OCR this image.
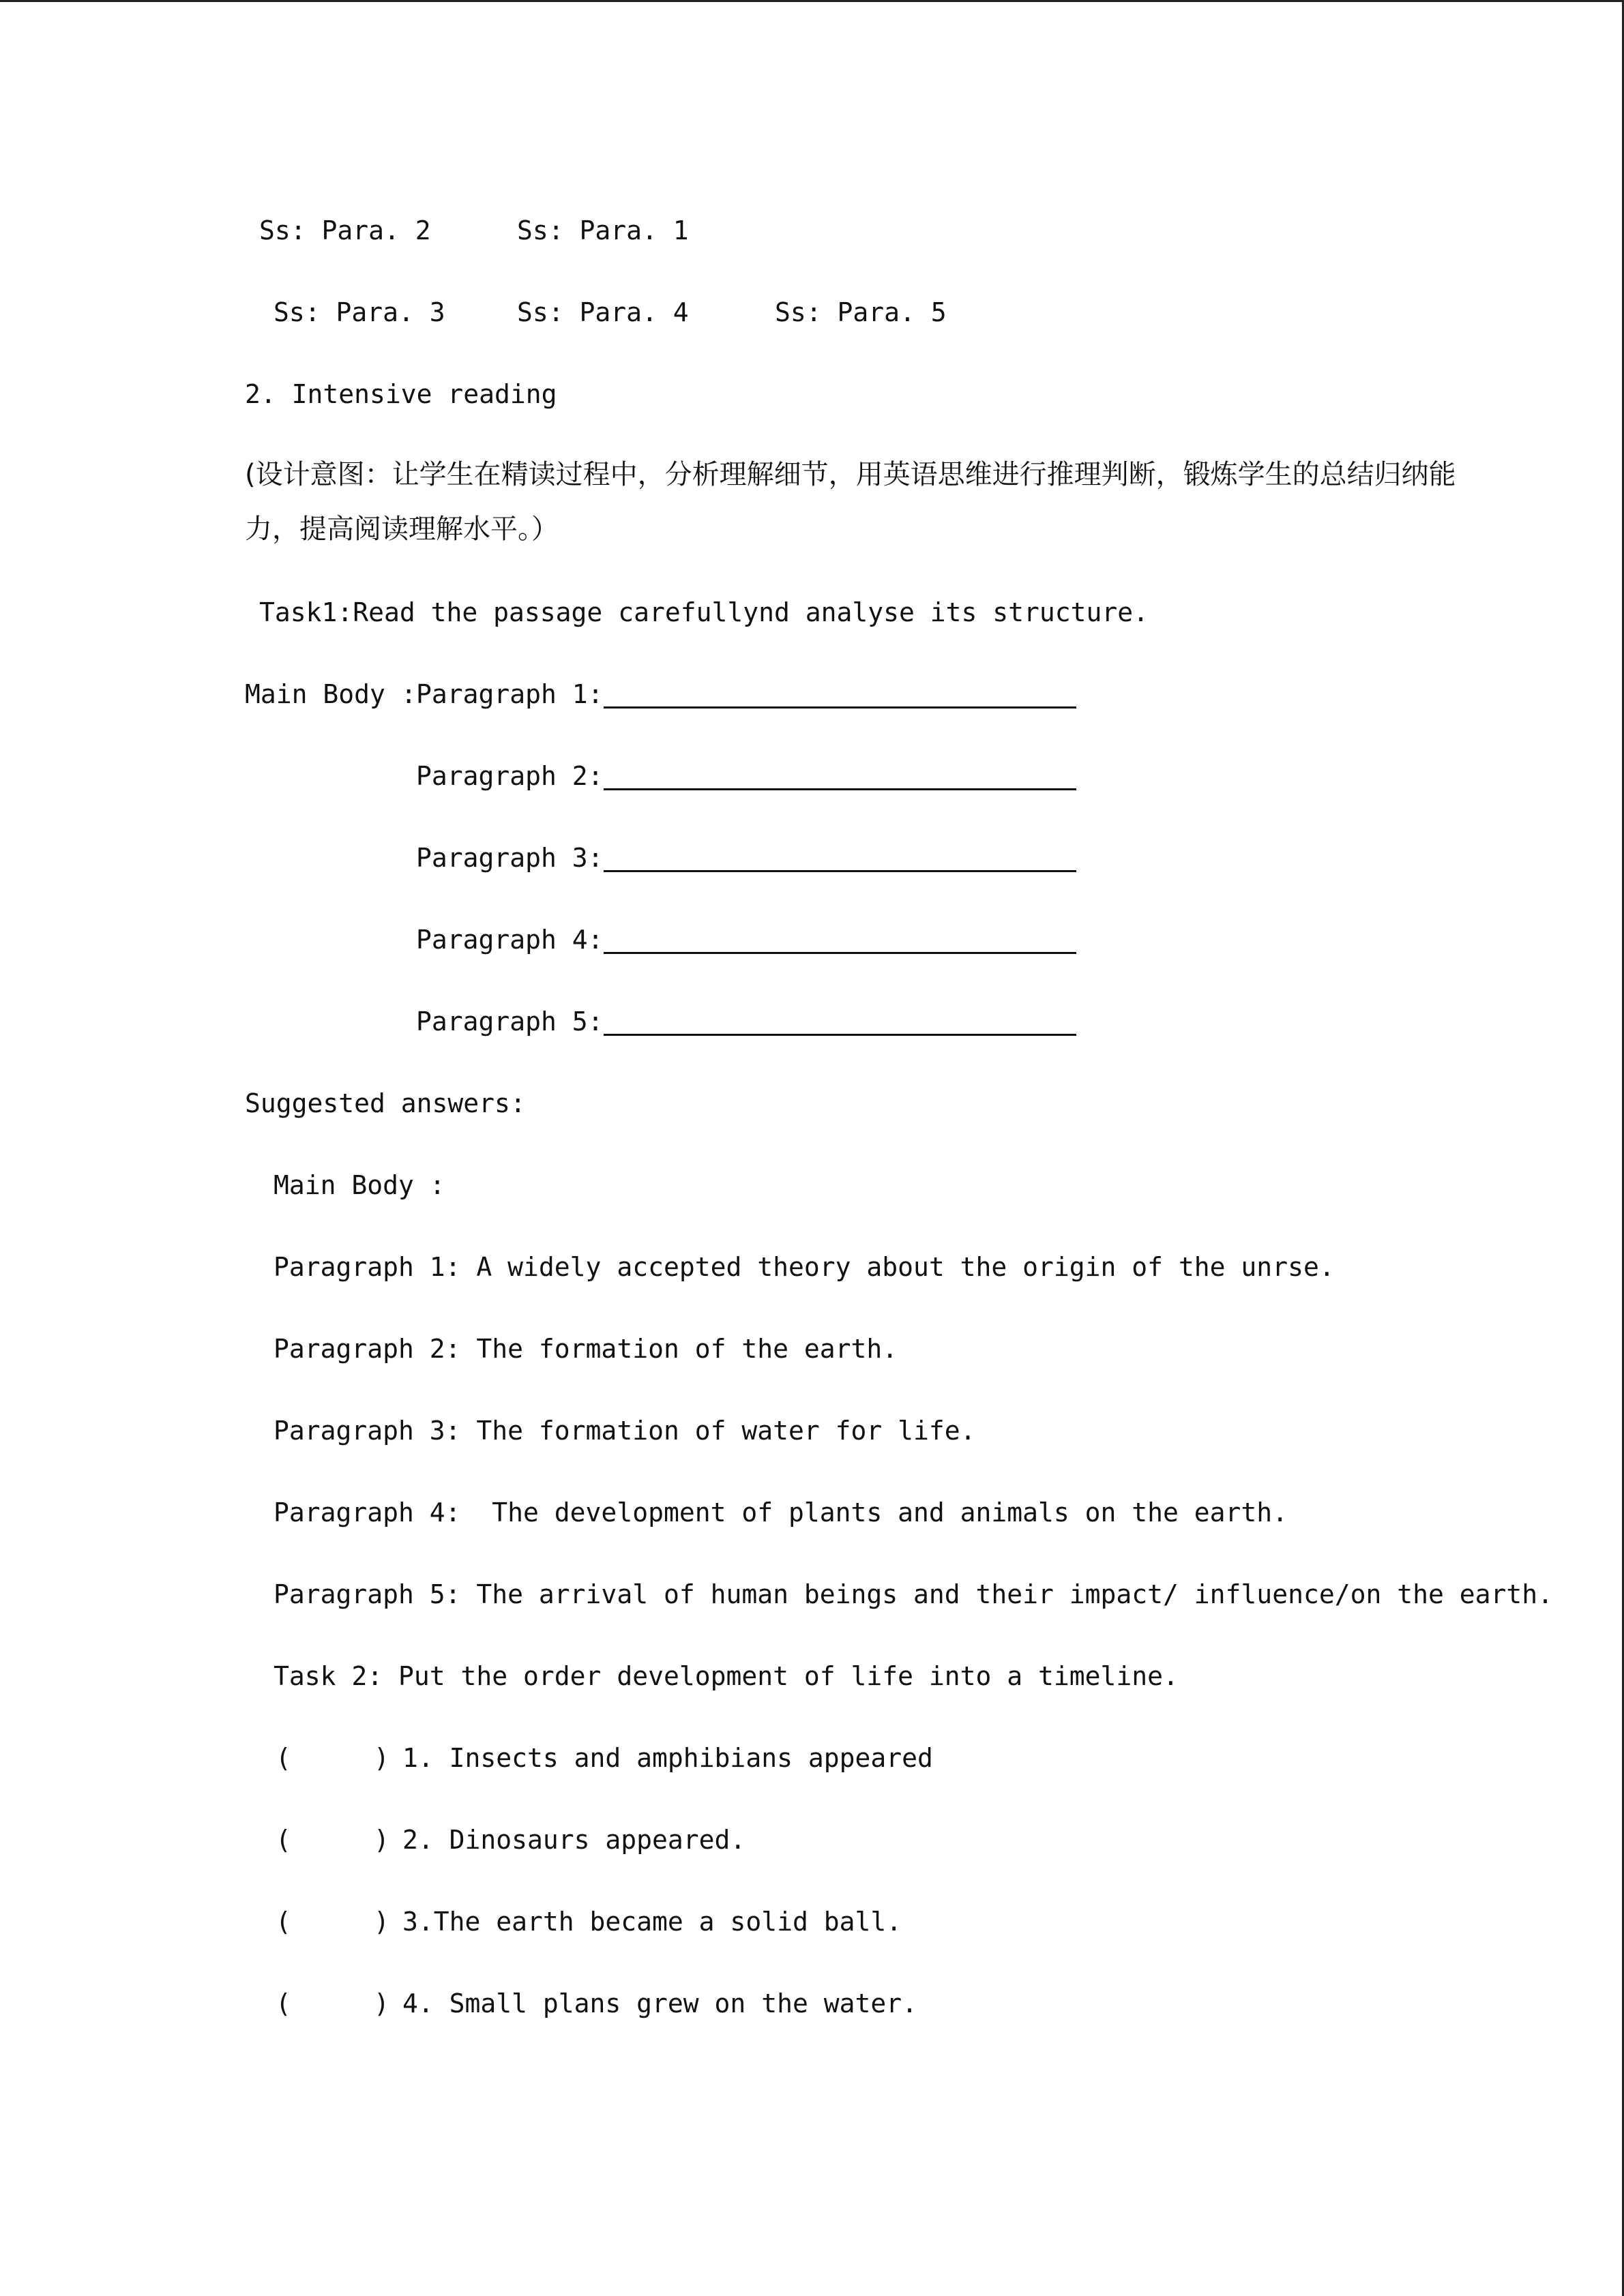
Ss: Para. 2	Ss: Para. 1
Ss: Para. 3	Ss: Para. 4	Ss: Para. 5
2. Intensive reading
(设计意图：让学生在精读过程中，分析理解细节，用英语思维进行推理判断，锻炼学生的总结归纳能
力，提高阅读理解水平。）
Task1:Read the passage carefullynd analyse its structure.
Main Body :
Paragraph 1:
Paragraph 2:
Paragraph 3:
Paragraph 4:
Paragraph 5:
Suggested answers:
Main Body :
Paragraph 1: A widely accepted theory about the origin of the unrse.
Paragraph 2: The formation of the earth.
Paragraph 3: The formation of water for life.
Paragraph 4:  The development of plants and animals on the earth.
Paragraph 5: The arrival of human beings and their impact/ influence/on the earth.
Task 2: Put the order development of life into a timeline.
(	) 1. Insects and amphibians appeared
(	) 2. Dinosaurs appeared.
(	) 3.The earth became a solid ball.
(	) 4. Small plans grew on the water.
